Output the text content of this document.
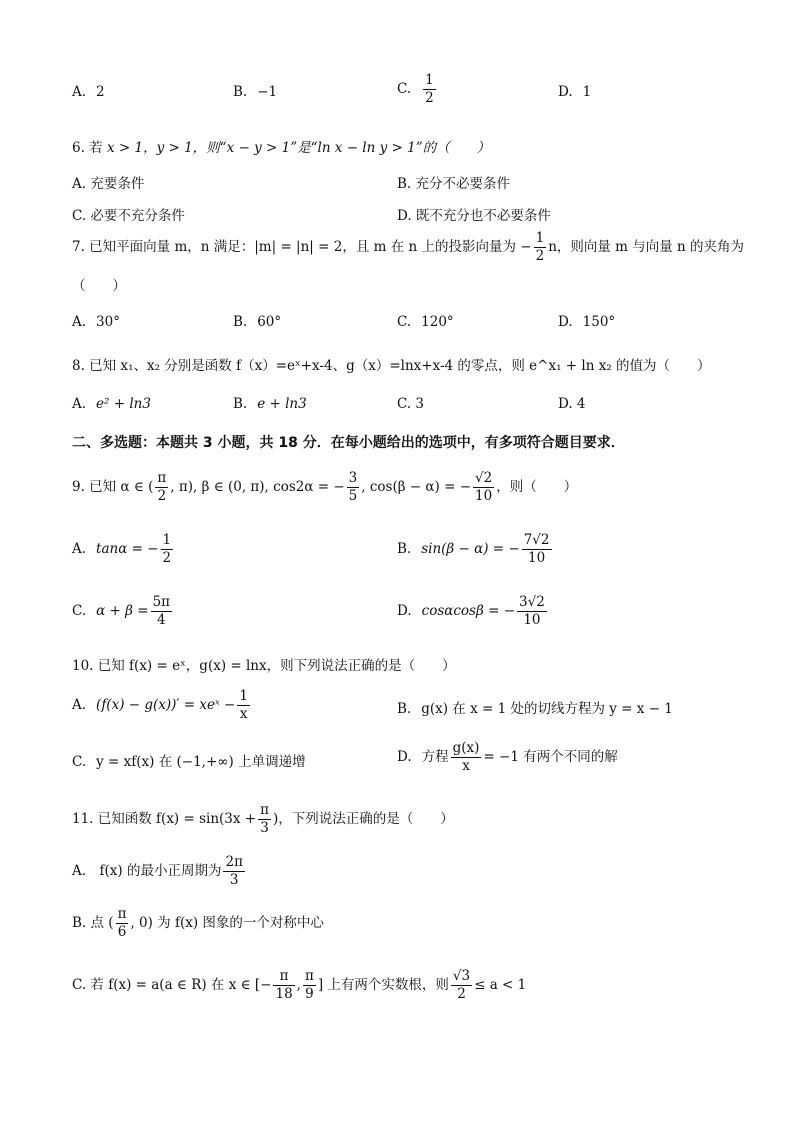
A. 2	B. −1	C. $\frac{1}{2}$	D. 1
6. 若 x > 1，y > 1，则“x − y > 1”是“ln x − ln y > 1”的（　　）
A. 充要条件	B. 充分不必要条件
C. 必要不充分条件	D. 既不充分也不必要条件
7. 已知平面向量 m，n 满足：|m| = |n| = 2，且 m 在 n 上的投影向量为 − $\frac{1}{2}$ n，则向量 m 与向量 n 的夹角为
（　　）
A. 30°	B. 60°	C. 120°	D. 150°
8. 已知 x₁、x₂ 分别是函数 f（x）=eˣ+x-4、g（x）=lnx+x-4 的零点，则 e^x₁ + ln x₂ 的值为（　　）
A. e² + ln3	B. e + ln3	C. 3	D. 4
二、多选题：本题共 3 小题，共 18 分．在每小题给出的选项中，有多项符合题目要求．
9. 已知 α ∈ ( $\frac{\pi}{2}$ , π), β ∈ (0, π), cos2α = − $\frac{3}{5}$ , cos(β − α) = − $\frac{√2}{10}$ ，则（　　）
A. tanα = − $\frac{1}{2}$	B. sin(β − α) = − $\frac{7√2}{10}$
C. $\alpha + \beta = \frac{5\pi}{4}$	D. cosαcosβ = − $\frac{3√2}{10}$
10. 已知 f(x) = eˣ，g(x) = lnx，则下列说法正确的是（　　）
A. (f(x) − g(x))′ = xeˣ − $\frac{1}{x}$	B. g(x) 在 x = 1 处的切线方程为 y = x − 1
C. y = xf(x) 在 (−1,+∞) 上单调递增	D. 方程 $\frac{g(x)}{x} = -1$ 有两个不同的解
11. 已知函数 $f(x) = \sin(3x + \frac{\pi}{3}$ )，下列说法正确的是（　　）
A.　f(x) 的最小正周期为 $\frac{2\pi}{3}$
B. 点 ( $\frac{\pi}{6}$ , 0) 为 f(x) 图象的一个对称中心
C. 若 f(x) = a(a ∈ R) 在 x ∈ [− $\frac{\pi}{18}$ , $\frac{\pi}{9}$ ] 上有两个实数根，则 $\frac{√3}{2} \le a < 1$
